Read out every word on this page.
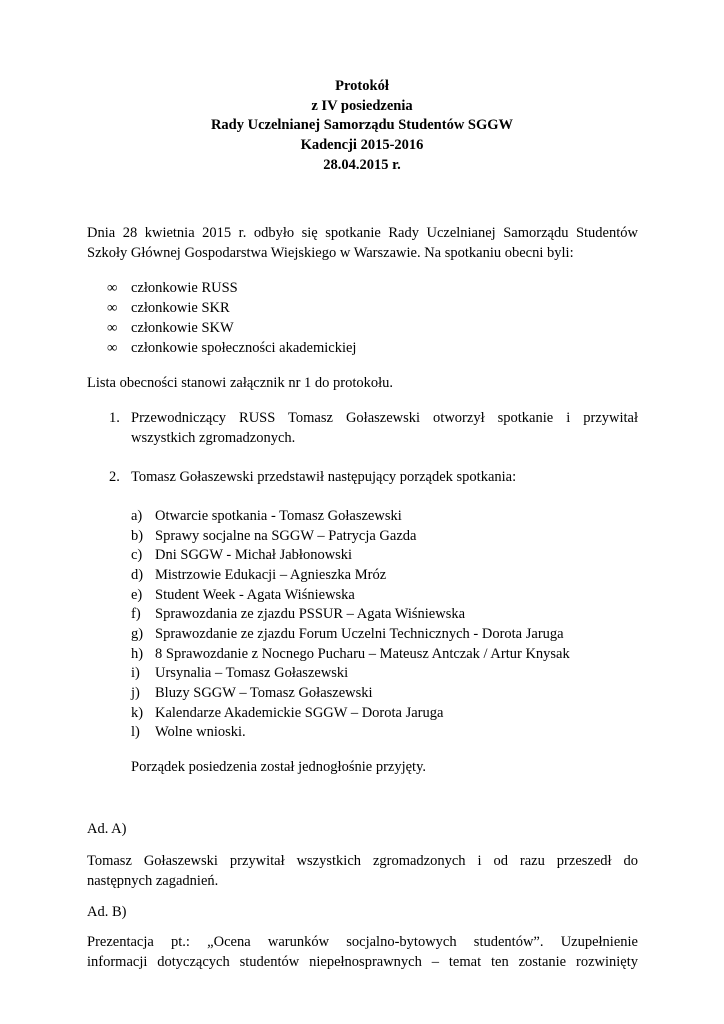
Protokół
z IV posiedzenia
Rady Uczelnianej Samorządu Studentów SGGW
Kadencji 2015-2016
28.04.2015 r.
Dnia 28 kwietnia 2015 r. odbyło się spotkanie Rady Uczelnianej Samorządu Studentów
Szkoły Głównej Gospodarstwa Wiejskiego w Warszawie. Na spotkaniu obecni byli:
∞ członkowie RUSS
∞ członkowie SKR
∞ członkowie SKW
∞ członkowie społeczności akademickiej
Lista obecności stanowi załącznik nr 1 do protokołu.
1. Przewodniczący RUSS Tomasz Gołaszewski otworzył spotkanie i przywitał
wszystkich zgromadzonych.
2. Tomasz Gołaszewski przedstawił następujący porządek spotkania:
a) Otwarcie spotkania - Tomasz Gołaszewski
b) Sprawy socjalne na SGGW – Patrycja Gazda
c) Dni SGGW - Michał Jabłonowski
d) Mistrzowie Edukacji – Agnieszka Mróz
e) Student Week - Agata Wiśniewska
f) Sprawozdania ze zjazdu PSSUR – Agata Wiśniewska
g) Sprawozdanie ze zjazdu Forum Uczelni Technicznych - Dorota Jaruga
h) 8 Sprawozdanie z Nocnego Pucharu – Mateusz Antczak / Artur Knysak
i) Ursynalia – Tomasz Gołaszewski
j) Bluzy SGGW – Tomasz Gołaszewski
k) Kalendarze Akademickie SGGW – Dorota Jaruga
l) Wolne wnioski.
Porządek posiedzenia został jednogłośnie przyjęty.
Ad. A)
Tomasz Gołaszewski przywitał wszystkich zgromadzonych i od razu przeszedł do
następnych zagadnień.
Ad. B)
Prezentacja pt.: „Ocena warunków socjalno-bytowych studentów”. Uzupełnienie
informacji dotyczących studentów niepełnosprawnych – temat ten zostanie rozwinięty
